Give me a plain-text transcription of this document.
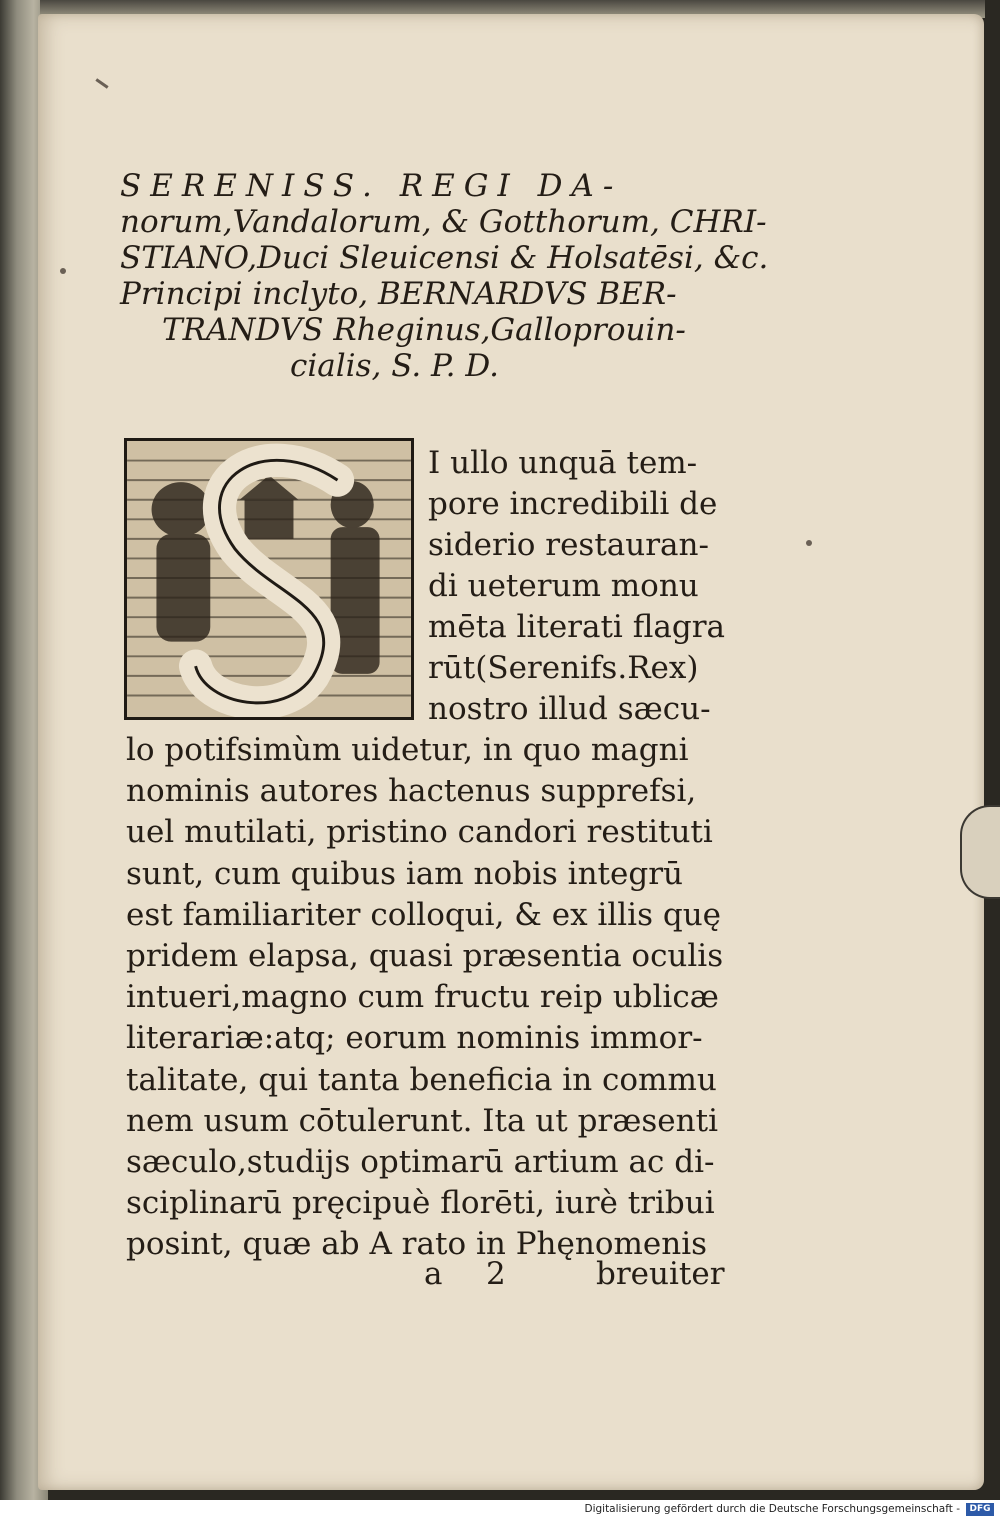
SERENISS. REGI DA-
norum,Vandalorum, & Gotthorum, CHRI-
STIANO,Duci Sleuicensi & Holsatēsi, &c.
Principi inclyto, BERNARDVS BER-
TRANDVS Rheginus,Galloprouin-
cialis, S. P. D.
I ullo unquā tem-
pore incredibili de
siderio restauran-
di ueterum monu
mēta literati flagra
rūt(Serenifs.Rex)
nostro illud sæcu-
lo potifsimùm uidetur, in quo magni
nominis autores hactenus supprefsi,
uel mutilati, pristino candori restituti
sunt, cum quibus iam nobis integrū
est familiariter colloqui, & ex illis quę
pridem elapsa, quasi præsentia oculis
intueri,magno cum fructu reip ublicæ
literariæ:atq; eorum nominis immor-
talitate, qui tanta beneficia in commu
nem usum cōtulerunt. Ita ut præsenti
sæculo,studijs optimarū artium ac di-
sciplinarū pręcipuè florēti, iurè tribui
posint, quæ ab A rato in Phęnomenis
a 2	breuiter
Digitalisierung gefördert durch die Deutsche Forschungsgemeinschaft -	DFG
